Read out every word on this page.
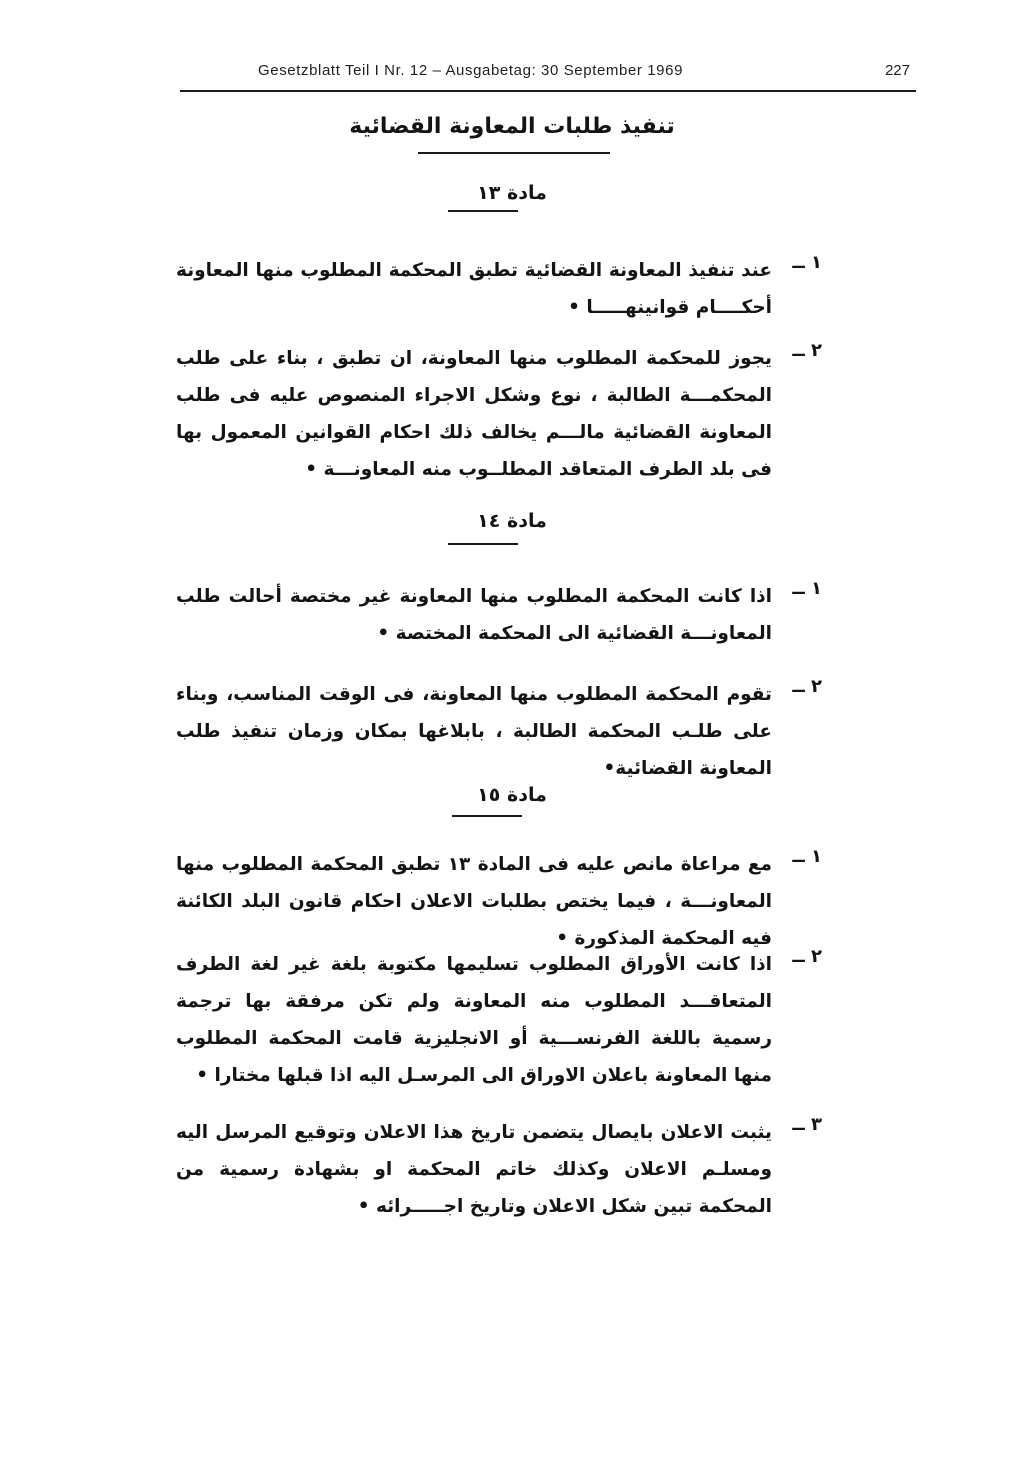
Gesetzblatt Teil I Nr. 12 – Ausgabetag: 30 September 1969	227
تنفيذ طلبات المعاونة القضائية
مادة ١٣
١ ــ
عند تنفيذ المعاونة القضائية تطبق المحكمة المطلوب منها المعاونة أحكــــام قوانينهـــــا •
٢ ــ
يجوز للمحكمة المطلوب منها المعاونة، ان تطبق ، بناء على طلب المحكمـــة الطالبة ، نوع وشكل الاجراء المنصوص عليه فى طلب المعاونة القضائية مالـــم يخالف ذلك احكام القوانين المعمول بها فى بلد الطرف المتعاقد المطلــوب منه المعاونـــة •
مادة ١٤
١ ــ
اذا كانت المحكمة المطلوب منها المعاونة غير مختصة أحالت طلب المعاونـــة القضائية الى المحكمة المختصة •
٢ ــ
تقوم المحكمة المطلوب منها المعاونة، فى الوقت المناسب، وبناء على طلـب المحكمة الطالبة ، بابلاغها بمكان وزمان تنفيذ طلب المعاونة القضائية•
مادة ١٥
١ ــ
مع مراعاة مانص عليه فى المادة ١٣ تطبق المحكمة المطلوب منها المعاونـــة ، فيما يختص بطلبات الاعلان احكام قانون البلد الكائنة فيه المحكمة المذكورة •
٢ ــ
اذا كانت الأوراق المطلوب تسليمها مكتوبة بلغة غير لغة الطرف المتعاقـــد المطلوب منه المعاونة ولم تكن مرفقة بها ترجمة رسمية باللغة الفرنســـية أو الانجليزية قامت المحكمة المطلوب منها المعاونة باعلان الاوراق الى المرسـل اليه اذا قبلها مختارا •
٣ ــ
يثبت الاعلان بايصال يتضمن تاريخ هذا الاعلان وتوقيع المرسل اليه ومسلـم الاعلان وكذلك خاتم المحكمة او بشهادة رسمية من المحكمة تبين شكل الاعلان وتاريخ اجـــــرائه •
